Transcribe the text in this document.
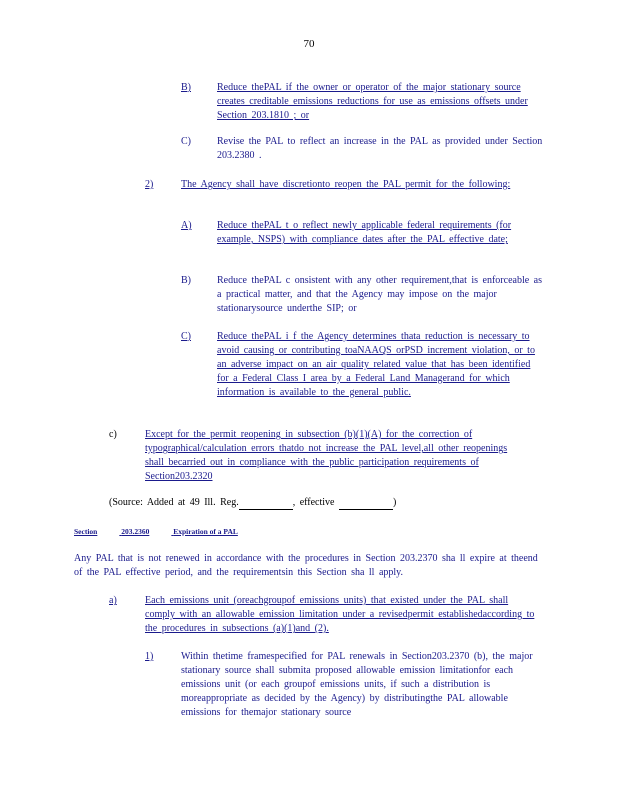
70
B)	Reduce thePAL if the owner or operator of the major stationary source creates creditable emissions reductions for use as emissions offsets under Section 203.1810 ; or
C)	Revise the PAL to reflect an increase in the PAL as provided under Section 203.2380 .
2)	The Agency shall have discretionto reopen the PAL permit for the following:
A)	Reduce thePAL t o reflect newly applicable federal requirements (for example, NSPS) with compliance dates after the PAL effective date;
B)	Reduce thePAL c onsistent with any other requirement,that is enforceable as a practical matter, and that the Agency may impose on the major stationarysource underthe SIP; or
C)	Reduce thePAL i f the Agency determines thata reduction is necessary to avoid causing or contributing toaNAAQS orPSD increment violation, or to an adverse impact on an air quality related value that has been identified for a Federal Class I area by a Federal Land Managerand for which information is available to the general public.
c)	Except for the permit reopening in subsection (b)(1)(A) for the correction of typographical/calculation errors thatdo not increase the PAL level,all other reopenings shall becarried out in compliance with the public participation requirements of Section203.2320
(Source: Added at 49 Ill. Reg.	, effective	)
Section	203.2360	Expiration of a PAL
Any PAL that is not renewed in accordance with the procedures in Section 203.2370 sha ll expire at theend of the PAL effective period, and the requirementsin this Section sha ll apply.
a)	Each emissions unit (oreachgroupof emissions units) that existed under the PAL shall comply with an allowable emission limitation under a revisedpermit establishedaccording to the procedures in subsections (a)(1)and (2).
1)	Within thetime framespecified for PAL renewals in Section203.2370 (b), the major stationary source shall submita proposed allowable emission limitationfor each emissions unit (or each groupof emissions units, if such a distribution is moreappropriate as decided by the Agency) by distributingthe PAL allowable emissions for themajor stationary source
